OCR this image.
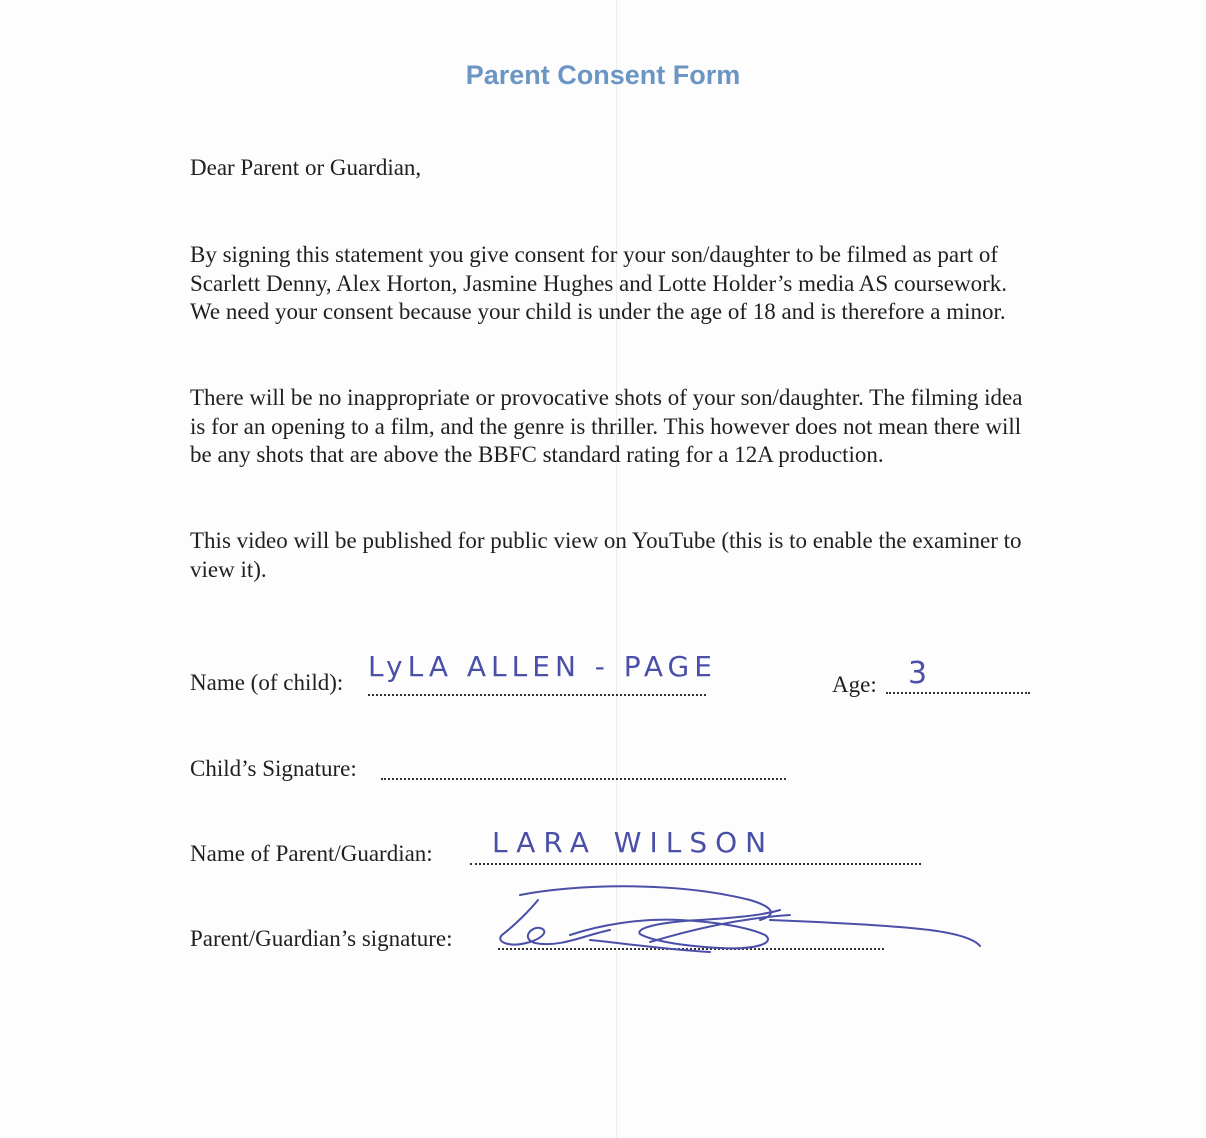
Parent Consent Form
Dear Parent or Guardian,

By signing this statement you give consent for your son/daughter to be filmed as part of Scarlett Denny, Alex Horton, Jasmine Hughes and Lotte Holder’s media AS coursework. We need your consent because your child is under the age of 18 and is therefore a minor.

There will be no inappropriate or provocative shots of your son/daughter. The filming idea is for an opening to a film, and the genre is thriller. This however does not mean there will be any shots that are above the BBFC standard rating for a 12A production.

This video will be published for public view on YouTube (this is to enable the examiner to view it).

Name (of child): LyLA ALLEN - PAGE
Age: 3
Child’s Signature:
Name of Parent/Guardian: LARA WILSON
Parent/Guardian’s signature:
